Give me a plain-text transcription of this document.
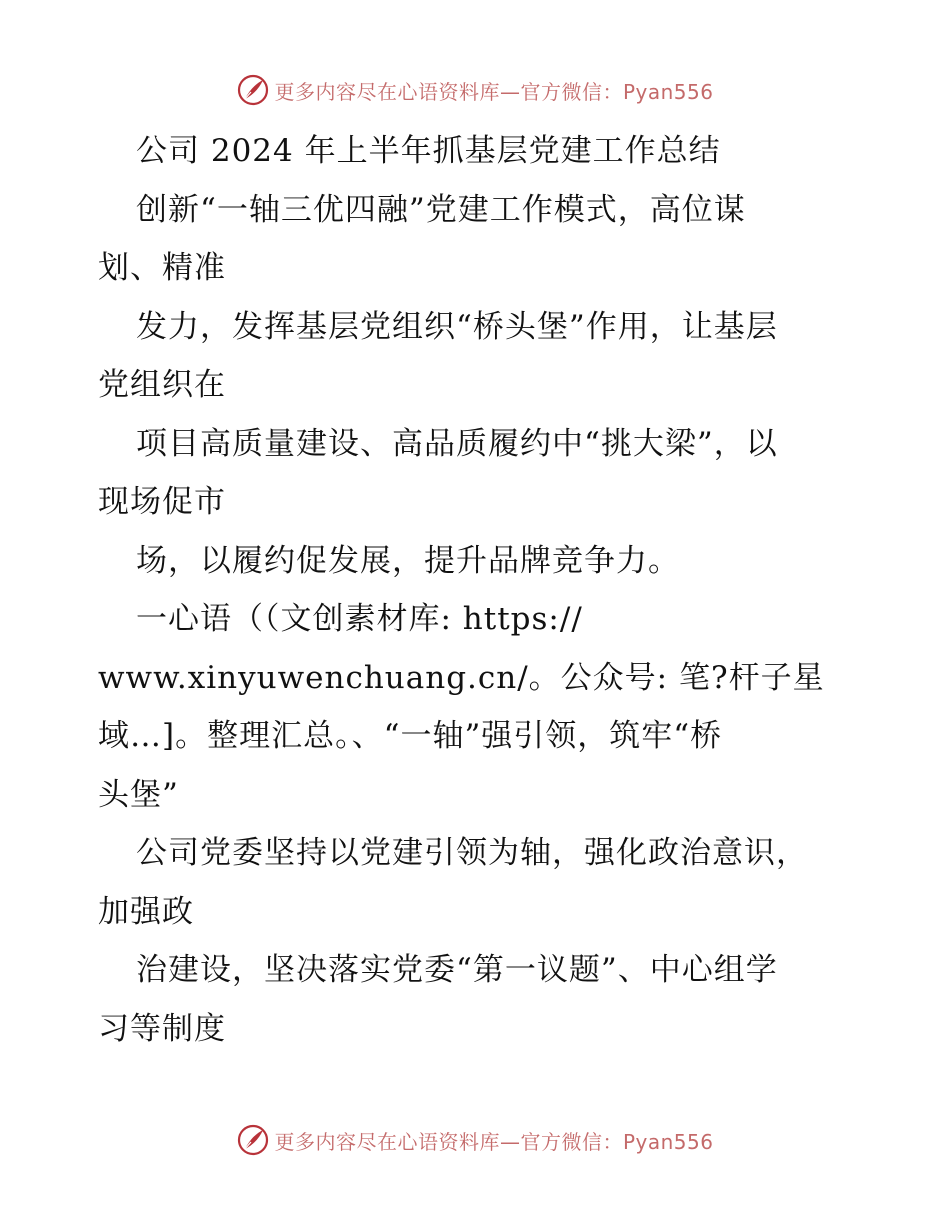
更多内容尽在心语资料库—官方微信：Pyan556
公司 2024 年上半年抓基层党建工作总结
创新“一轴三优四融”党建工作模式，高位谋
划、精准
发力，发挥基层党组织“桥头堡”作用，让基层
党组织在
项目高质量建设、高品质履约中“挑大梁”，以
现场促市
场，以履约促发展，提升品牌竞争力。
一心语（（文创素材库: https://
www.xinyuwenchuang.cn/。公众号: 笔?杆子星
域…]。整理汇总。、“一轴”强引领，筑牢“桥
头堡”
公司党委坚持以党建引领为轴，强化政治意识，
加强政
治建设，坚决落实党委“第一议题”、中心组学
习等制度
更多内容尽在心语资料库—官方微信：Pyan556
